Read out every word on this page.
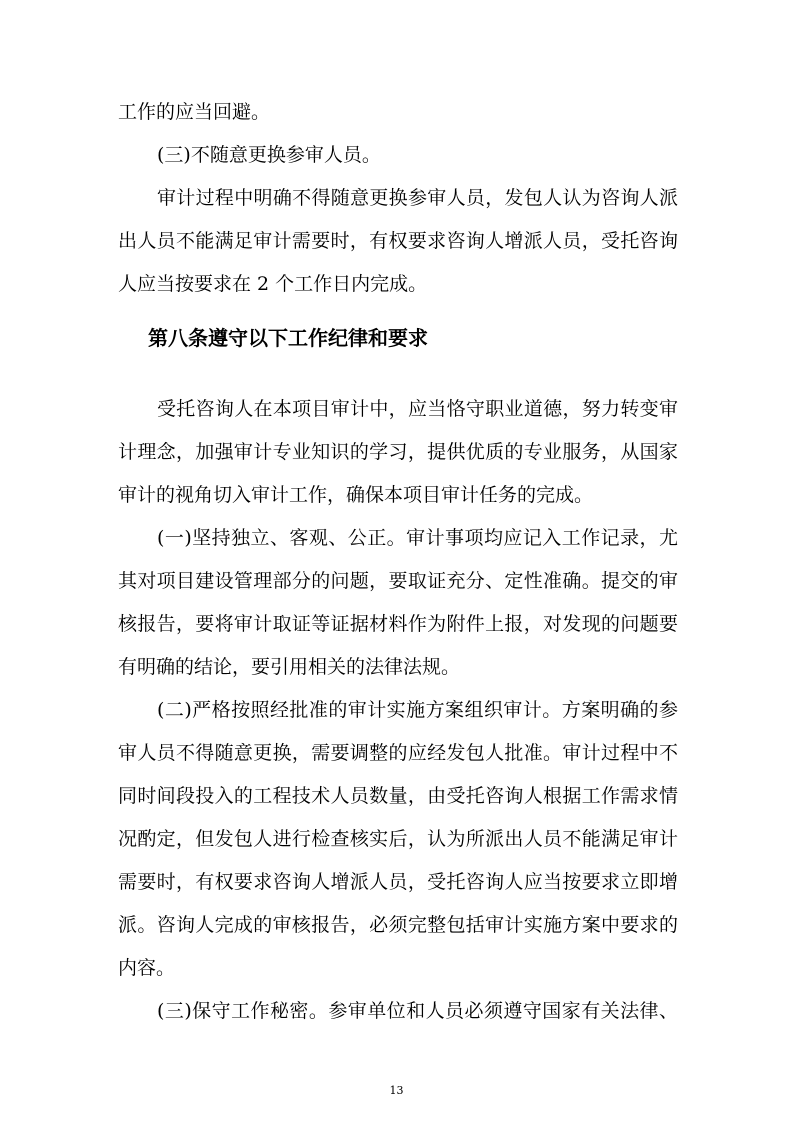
工作的应当回避。
(三)不随意更换参审人员。
审计过程中明确不得随意更换参审人员，发包人认为咨询人派
出人员不能满足审计需要时，有权要求咨询人增派人员，受托咨询
人应当按要求在 2 个工作日内完成。
第八条遵守以下工作纪律和要求
受托咨询人在本项目审计中，应当恪守职业道德，努力转变审
计理念，加强审计专业知识的学习，提供优质的专业服务，从国家
审计的视角切入审计工作，确保本项目审计任务的完成。
(一)坚持独立、客观、公正。审计事项均应记入工作记录，尤
其对项目建设管理部分的问题，要取证充分、定性准确。提交的审
核报告，要将审计取证等证据材料作为附件上报，对发现的问题要
有明确的结论，要引用相关的法律法规。
(二)严格按照经批准的审计实施方案组织审计。方案明确的参
审人员不得随意更换，需要调整的应经发包人批准。审计过程中不
同时间段投入的工程技术人员数量，由受托咨询人根据工作需求情
况酌定，但发包人进行检查核实后，认为所派出人员不能满足审计
需要时，有权要求咨询人增派人员，受托咨询人应当按要求立即增
派。咨询人完成的审核报告，必须完整包括审计实施方案中要求的
内容。
(三)保守工作秘密。参审单位和人员必须遵守国家有关法律、
13
